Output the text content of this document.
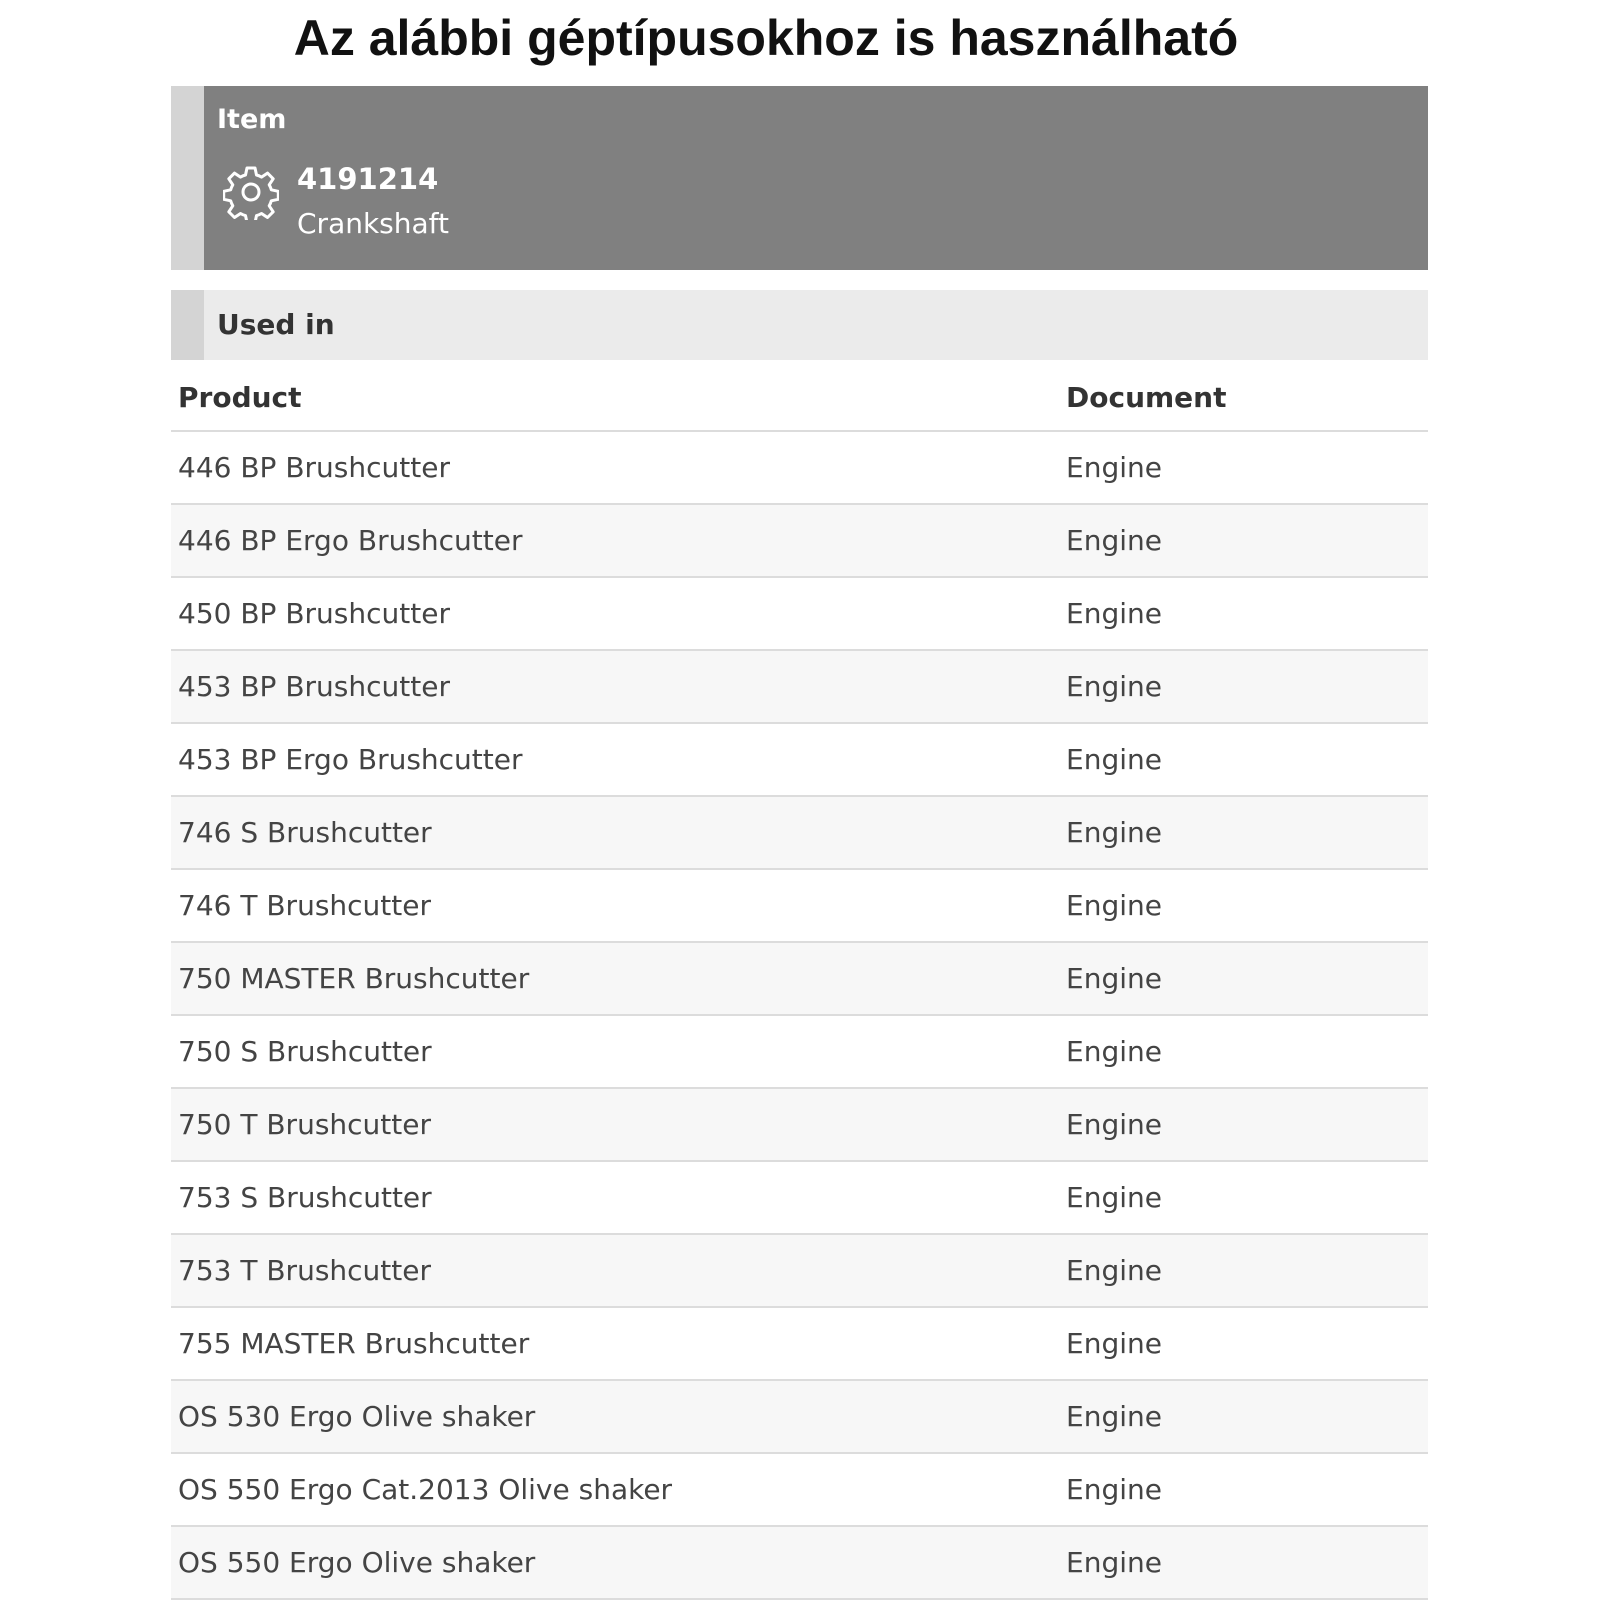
Az alábbi géptípusokhoz is használható
Item
4191214
Crankshaft
Used in
Product	Document
446 BP Brushcutter	Engine
446 BP Ergo Brushcutter	Engine
450 BP Brushcutter	Engine
453 BP Brushcutter	Engine
453 BP Ergo Brushcutter	Engine
746 S Brushcutter	Engine
746 T Brushcutter	Engine
750 MASTER Brushcutter	Engine
750 S Brushcutter	Engine
750 T Brushcutter	Engine
753 S Brushcutter	Engine
753 T Brushcutter	Engine
755 MASTER Brushcutter	Engine
OS 530 Ergo Olive shaker	Engine
OS 550 Ergo Cat.2013 Olive shaker	Engine
OS 550 Ergo Olive shaker	Engine
